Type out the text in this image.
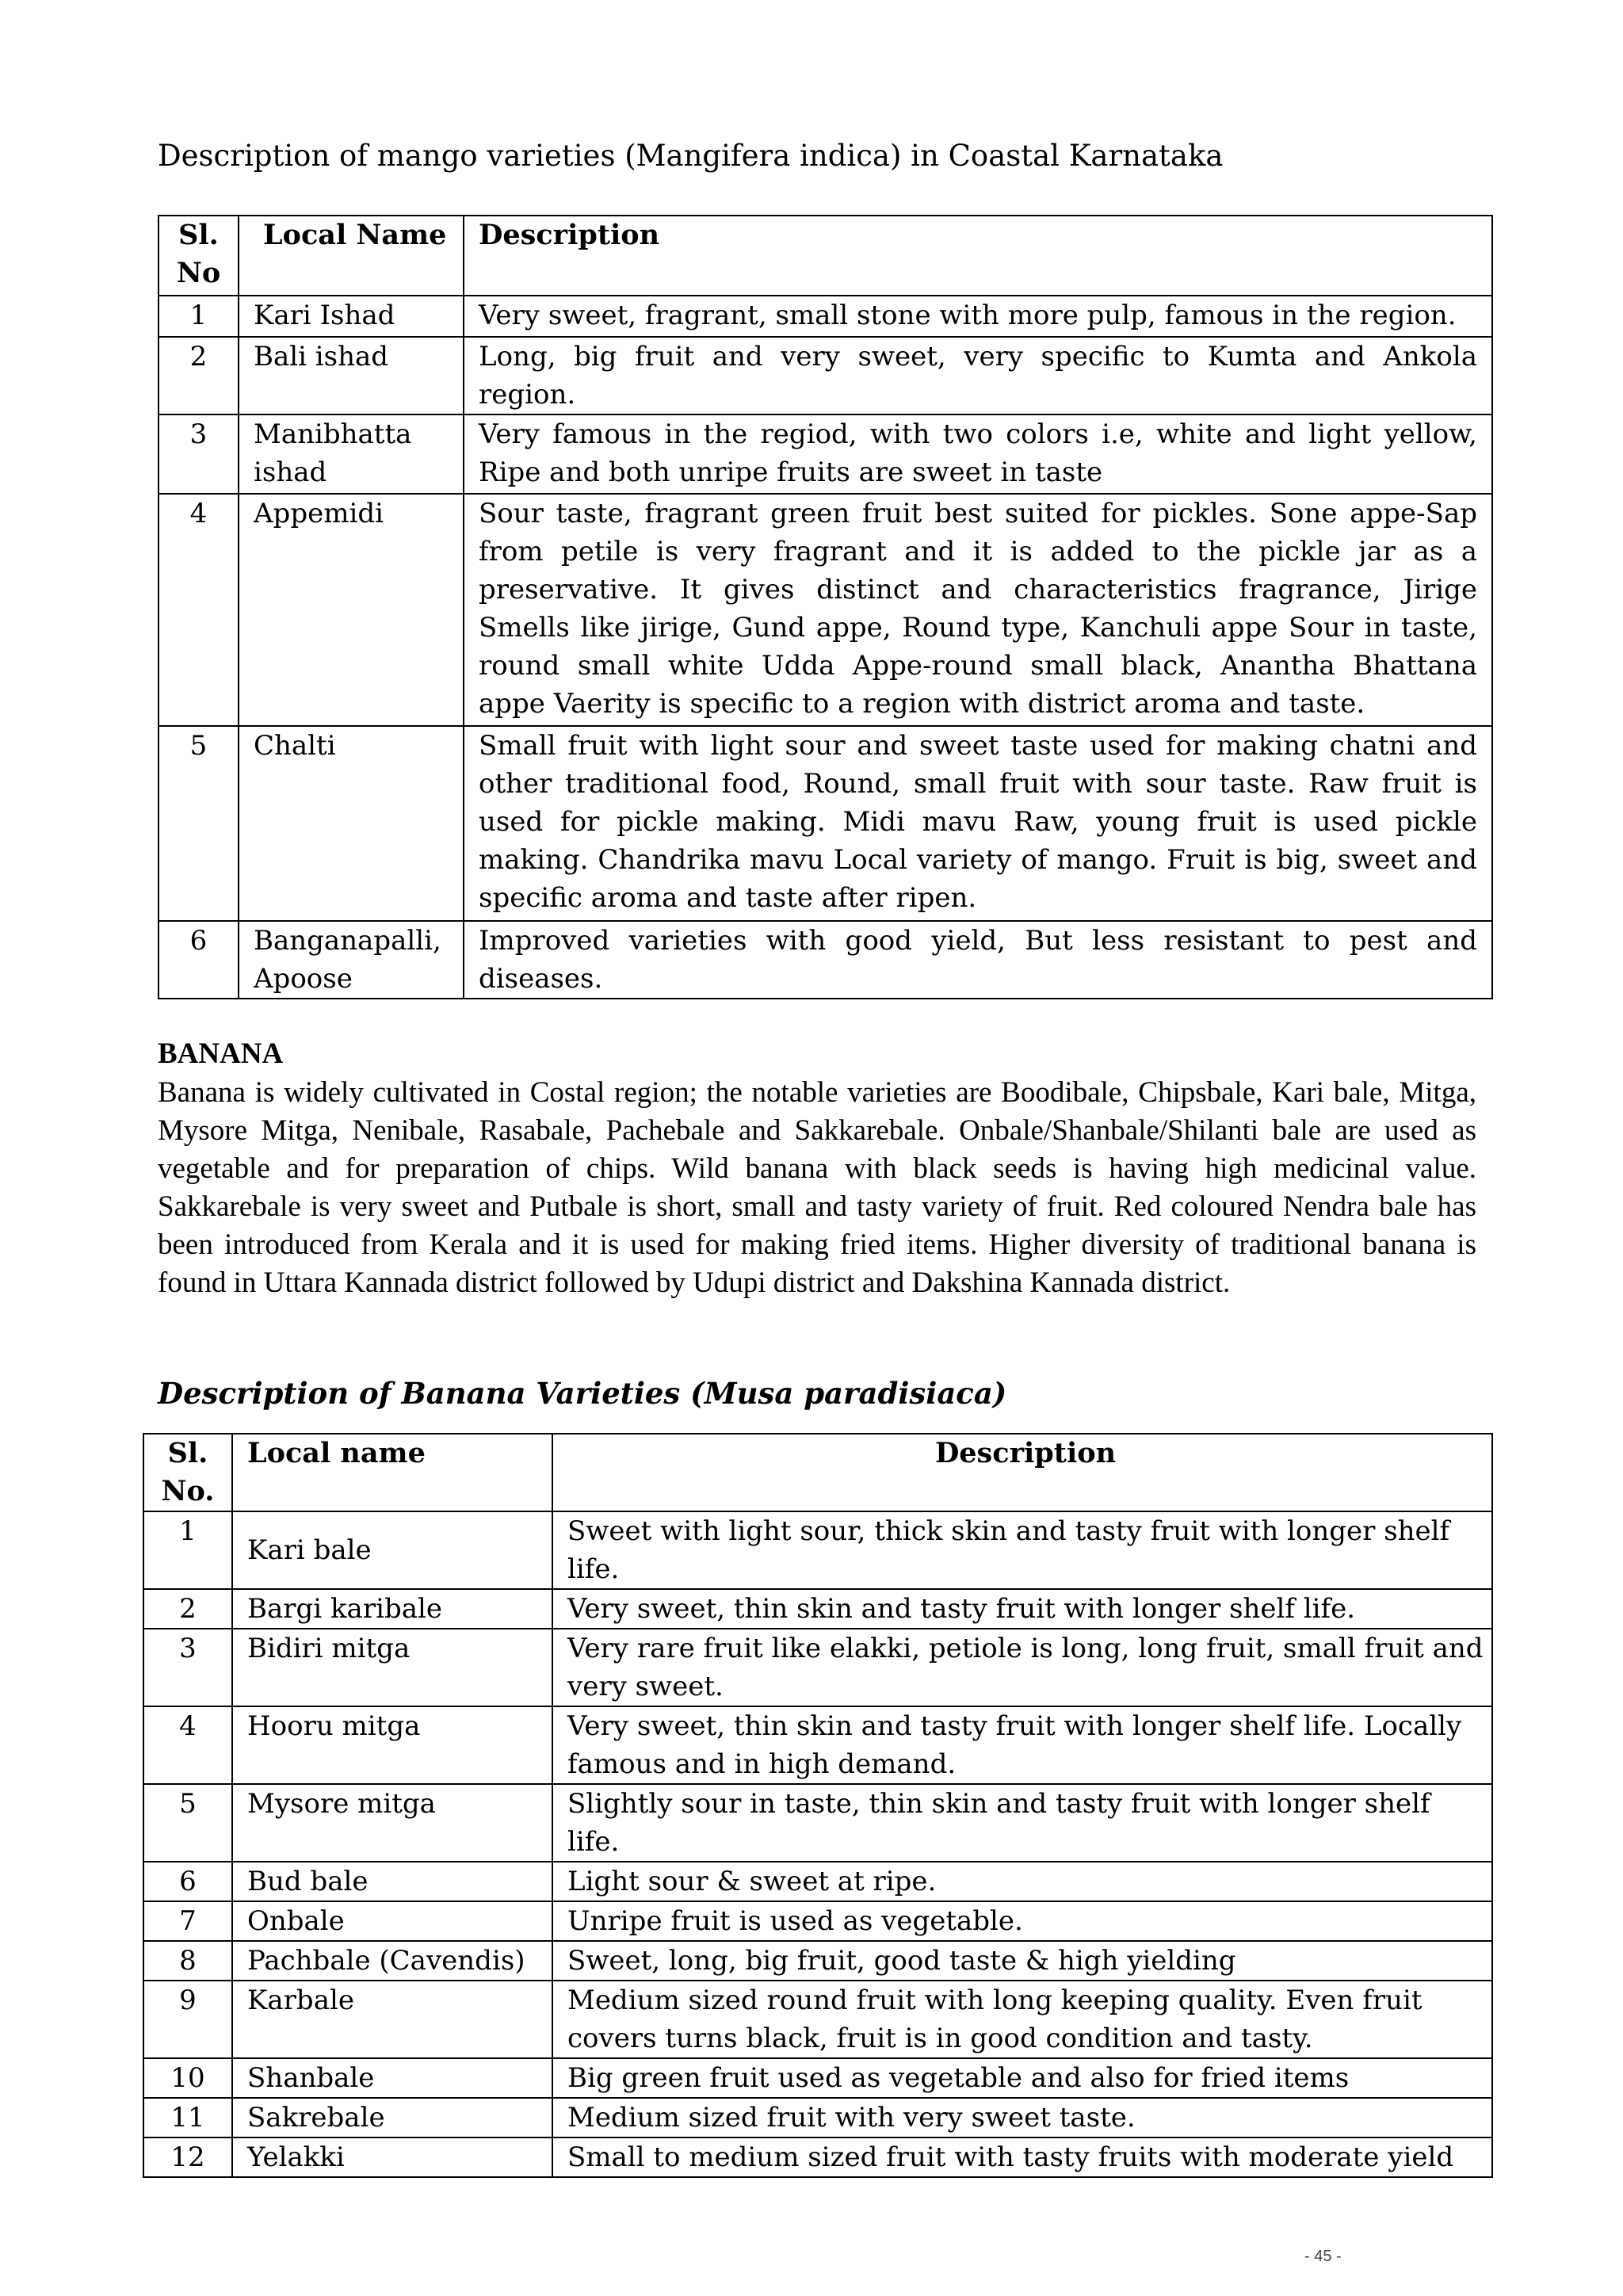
Description of mango varieties (Mangifera indica) in Coastal Karnataka
Sl. No	Local Name	Description
1	Kari Ishad	Very sweet, fragrant, small stone with more pulp, famous in the region.
2	Bali ishad	Long, big fruit and very sweet, very specific to Kumta and Ankola region.
3	Manibhatta ishad	Very famous in the regiod, with two colors i.e, white and light yellow, Ripe and both unripe fruits are sweet in taste
4	Appemidi	Sour taste, fragrant green fruit best suited for pickles. Sone appe-Sap from petile is very fragrant and it is added to the pickle jar as a preservative. It gives distinct and characteristics fragrance, Jirige Smells like jirige, Gund appe, Round type, Kanchuli appe Sour in taste, round small white Udda Appe-round small black, Anantha Bhattana appe Vaerity is specific to a region with district aroma and taste.
5	Chalti	Small fruit with light sour and sweet taste used for making chatni and other traditional food, Round, small fruit with sour taste. Raw fruit is used for pickle making. Midi mavu Raw, young fruit is used pickle making. Chandrika mavu Local variety of mango. Fruit is big, sweet and specific aroma and taste after ripen.
6	Banganapalli, Apoose	Improved varieties with good yield, But less resistant to pest and diseases.
BANANA
Banana is widely cultivated in Costal region; the notable varieties are Boodibale, Chipsbale, Kari bale, Mitga, Mysore Mitga, Nenibale, Rasabale, Pachebale and Sakkarebale. Onbale/Shanbale/Shilanti bale are used as vegetable and for preparation of chips. Wild banana with black seeds is having high medicinal value. Sakkarebale is very sweet and Putbale is short, small and tasty variety of fruit. Red coloured Nendra bale has been introduced from Kerala and it is used for making fried items. Higher diversity of traditional banana is found in Uttara Kannada district followed by Udupi district and Dakshina Kannada district.
Description of Banana Varieties (Musa paradisiaca)
Sl. No.	Local name	Description
1	Kari bale	Sweet with light sour, thick skin and tasty fruit with longer shelf life.
2	Bargi karibale	Very sweet, thin skin and tasty fruit with longer shelf life.
3	Bidiri mitga	Very rare fruit like elakki, petiole is long, long fruit, small fruit and very sweet.
4	Hooru mitga	Very sweet, thin skin and tasty fruit with longer shelf life. Locally famous and in high demand.
5	Mysore mitga	Slightly sour in taste, thin skin and tasty fruit with longer shelf life.
6	Bud bale	Light sour & sweet at ripe.
7	Onbale	Unripe fruit is used as vegetable.
8	Pachbale (Cavendis)	Sweet, long, big fruit, good taste & high yielding
9	Karbale	Medium sized round fruit with long keeping quality. Even fruit covers turns black, fruit is in good condition and tasty.
10	Shanbale	Big green fruit used as vegetable and also for fried items
11	Sakrebale	Medium sized fruit with very sweet taste.
12	Yelakki	Small to medium sized fruit with tasty fruits with moderate yield
- 45 -
